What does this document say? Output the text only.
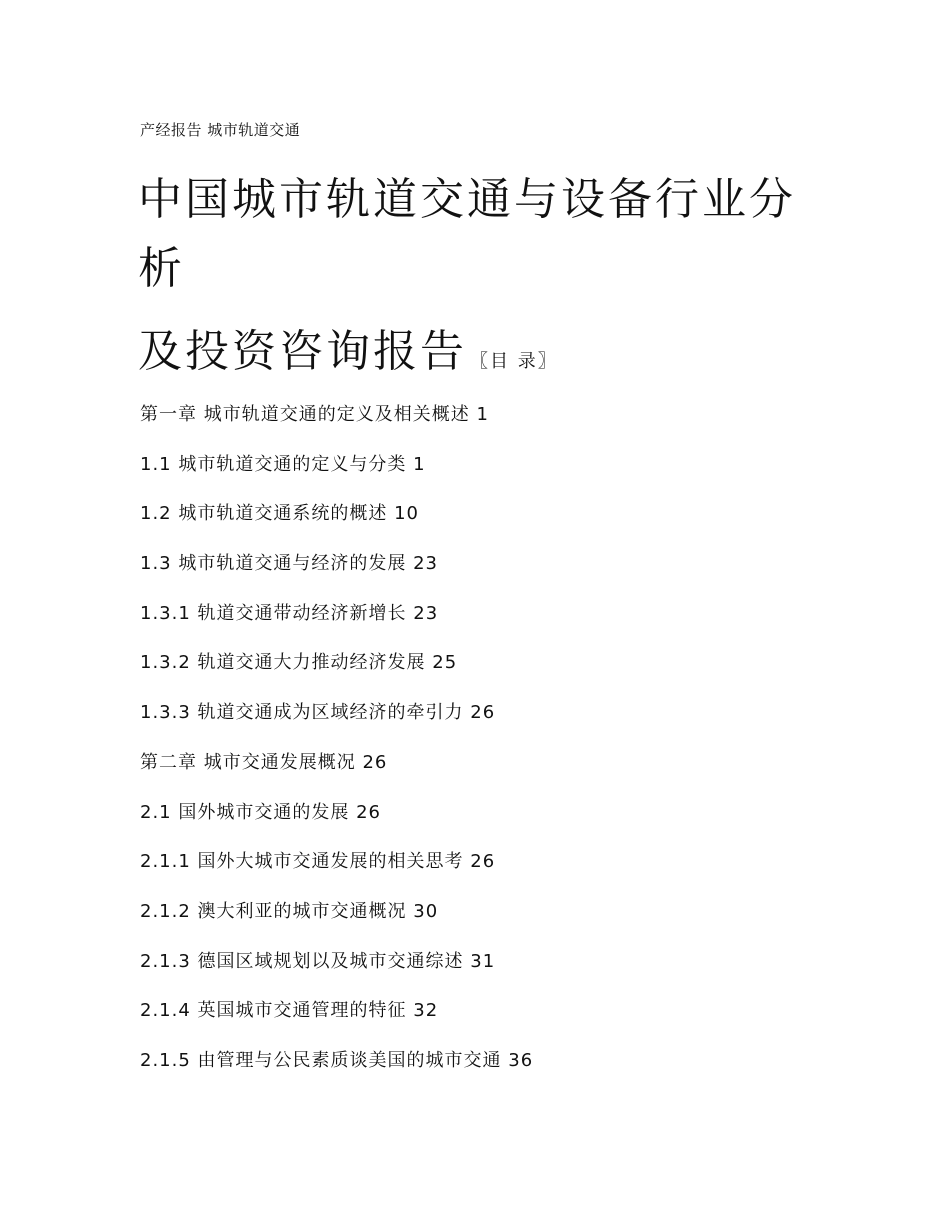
产经报告 城市轨道交通
中国城市轨道交通与设备行业分
析
及投资咨询报告 〖目 录〗
第一章 城市轨道交通的定义及相关概述 1
1.1 城市轨道交通的定义与分类 1
1.2 城市轨道交通系统的概述 10
1.3 城市轨道交通与经济的发展 23
1.3.1 轨道交通带动经济新增长 23
1.3.2 轨道交通大力推动经济发展 25
1.3.3 轨道交通成为区域经济的牵引力 26
第二章 城市交通发展概况 26
2.1 国外城市交通的发展 26
2.1.1 国外大城市交通发展的相关思考 26
2.1.2 澳大利亚的城市交通概况 30
2.1.3 德国区域规划以及城市交通综述 31
2.1.4 英国城市交通管理的特征 32
2.1.5 由管理与公民素质谈美国的城市交通 36
